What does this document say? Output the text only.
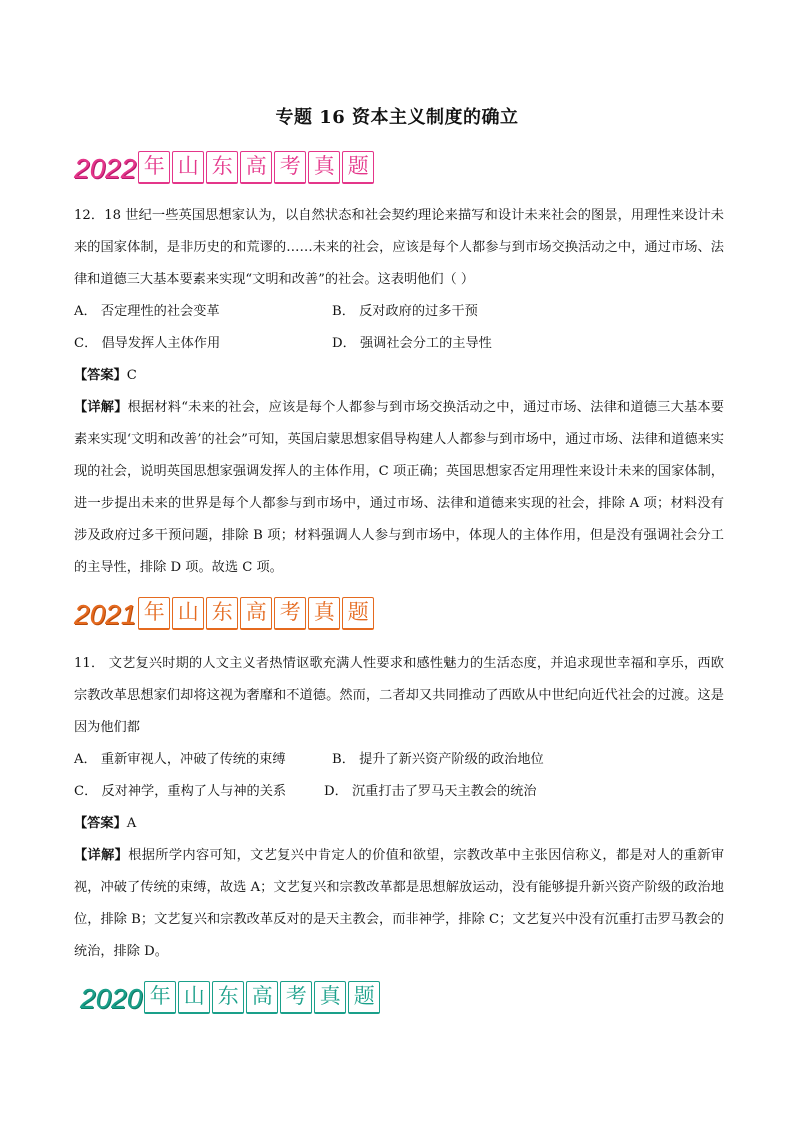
专题 16 资本主义制度的确立
2022 年 山 东 高 考 真 题

12．18 世纪一些英国思想家认为，以自然状态和社会契约理论来描写和设计未来社会的图景，用理性来设计未来的国家体制，是非历史的和荒谬的……未来的社会，应该是每个人都参与到市场交换活动之中，通过市场、法律和道德三大基本要素来实现“文明和改善”的社会。这表明他们（ ）

A． 否定理性的社会变革	B． 反对政府的过多干预
C． 倡导发挥人主体作用	D． 强调社会分工的主导性
【答案】C

【详解】根据材料“未来的社会，应该是每个人都参与到市场交换活动之中，通过市场、法律和道德三大基本要素来实现‘文明和改善’的社会”可知，英国启蒙思想家倡导构建人人都参与到市场中，通过市场、法律和道德来实现的社会，说明英国思想家强调发挥人的主体作用，C 项正确；英国思想家否定用理性来设计未来的国家体制，进一步提出未来的世界是每个人都参与到市场中，通过市场、法律和道德来实现的社会，排除 A 项；材料没有涉及政府过多干预问题，排除 B 项；材料强调人人参与到市场中，体现人的主体作用，但是没有强调社会分工的主导性，排除 D 项。故选 C 项。

2021 年 山 东 高 考 真 题

11． 文艺复兴时期的人文主义者热情讴歌充满人性要求和感性魅力的生活态度，并追求现世幸福和享乐，西欧宗教改革思想家们却将这视为奢靡和不道德。然而，二者却又共同推动了西欧从中世纪向近代社会的过渡。这是因为他们都

A． 重新审视人，冲破了传统的束缚	B． 提升了新兴资产阶级的政治地位
C． 反对神学，重构了人与神的关系	D． 沉重打击了罗马天主教会的统治
【答案】A

【详解】根据所学内容可知，文艺复兴中肯定人的价值和欲望，宗教改革中主张因信称义，都是对人的重新审视，冲破了传统的束缚，故选 A；文艺复兴和宗教改革都是思想解放运动，没有能够提升新兴资产阶级的政治地位，排除 B；文艺复兴和宗教改革反对的是天主教会，而非神学，排除 C；文艺复兴中没有沉重打击罗马教会的统治，排除 D。

2020 年 山 东 高 考 真 题
